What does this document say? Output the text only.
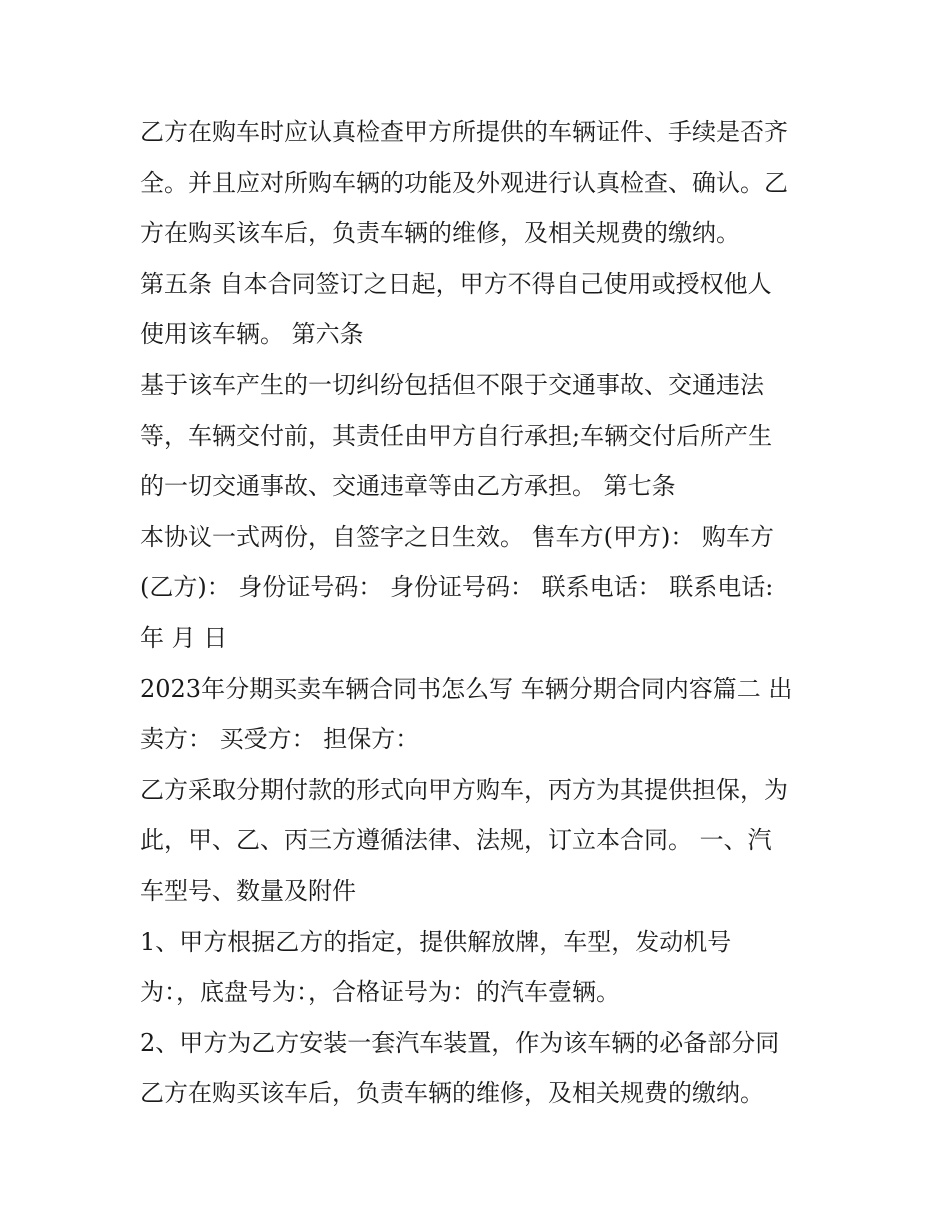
乙方在购车时应认真检查甲方所提供的车辆证件、手续是否齐
全。并且应对所购车辆的功能及外观进行认真检查、确认。乙
方在购买该车后，负责车辆的维修，及相关规费的缴纳。
第五条 自本合同签订之日起，甲方不得自己使用或授权他人
使用该车辆。 第六条
基于该车产生的一切纠纷包括但不限于交通事故、交通违法
等，车辆交付前，其责任由甲方自行承担;车辆交付后所产生
的一切交通事故、交通违章等由乙方承担。 第七条
本协议一式两份，自签字之日生效。 售车方(甲方)： 购车方
(乙方)： 身份证号码： 身份证号码： 联系电话： 联系电话:
年 月 日
2023年分期买卖车辆合同书怎么写 车辆分期合同内容篇二 出
卖方： 买受方： 担保方：
乙方采取分期付款的形式向甲方购车，丙方为其提供担保，为
此，甲、乙、丙三方遵循法律、法规，订立本合同。 一、汽
车型号、数量及附件
1、甲方根据乙方的指定，提供解放牌，车型，发动机号
为：，底盘号为：，合格证号为：的汽车壹辆。
2、甲方为乙方安装一套汽车装置，作为该车辆的必备部分同
乙方在购买该车后，负责车辆的维修，及相关规费的缴纳。
